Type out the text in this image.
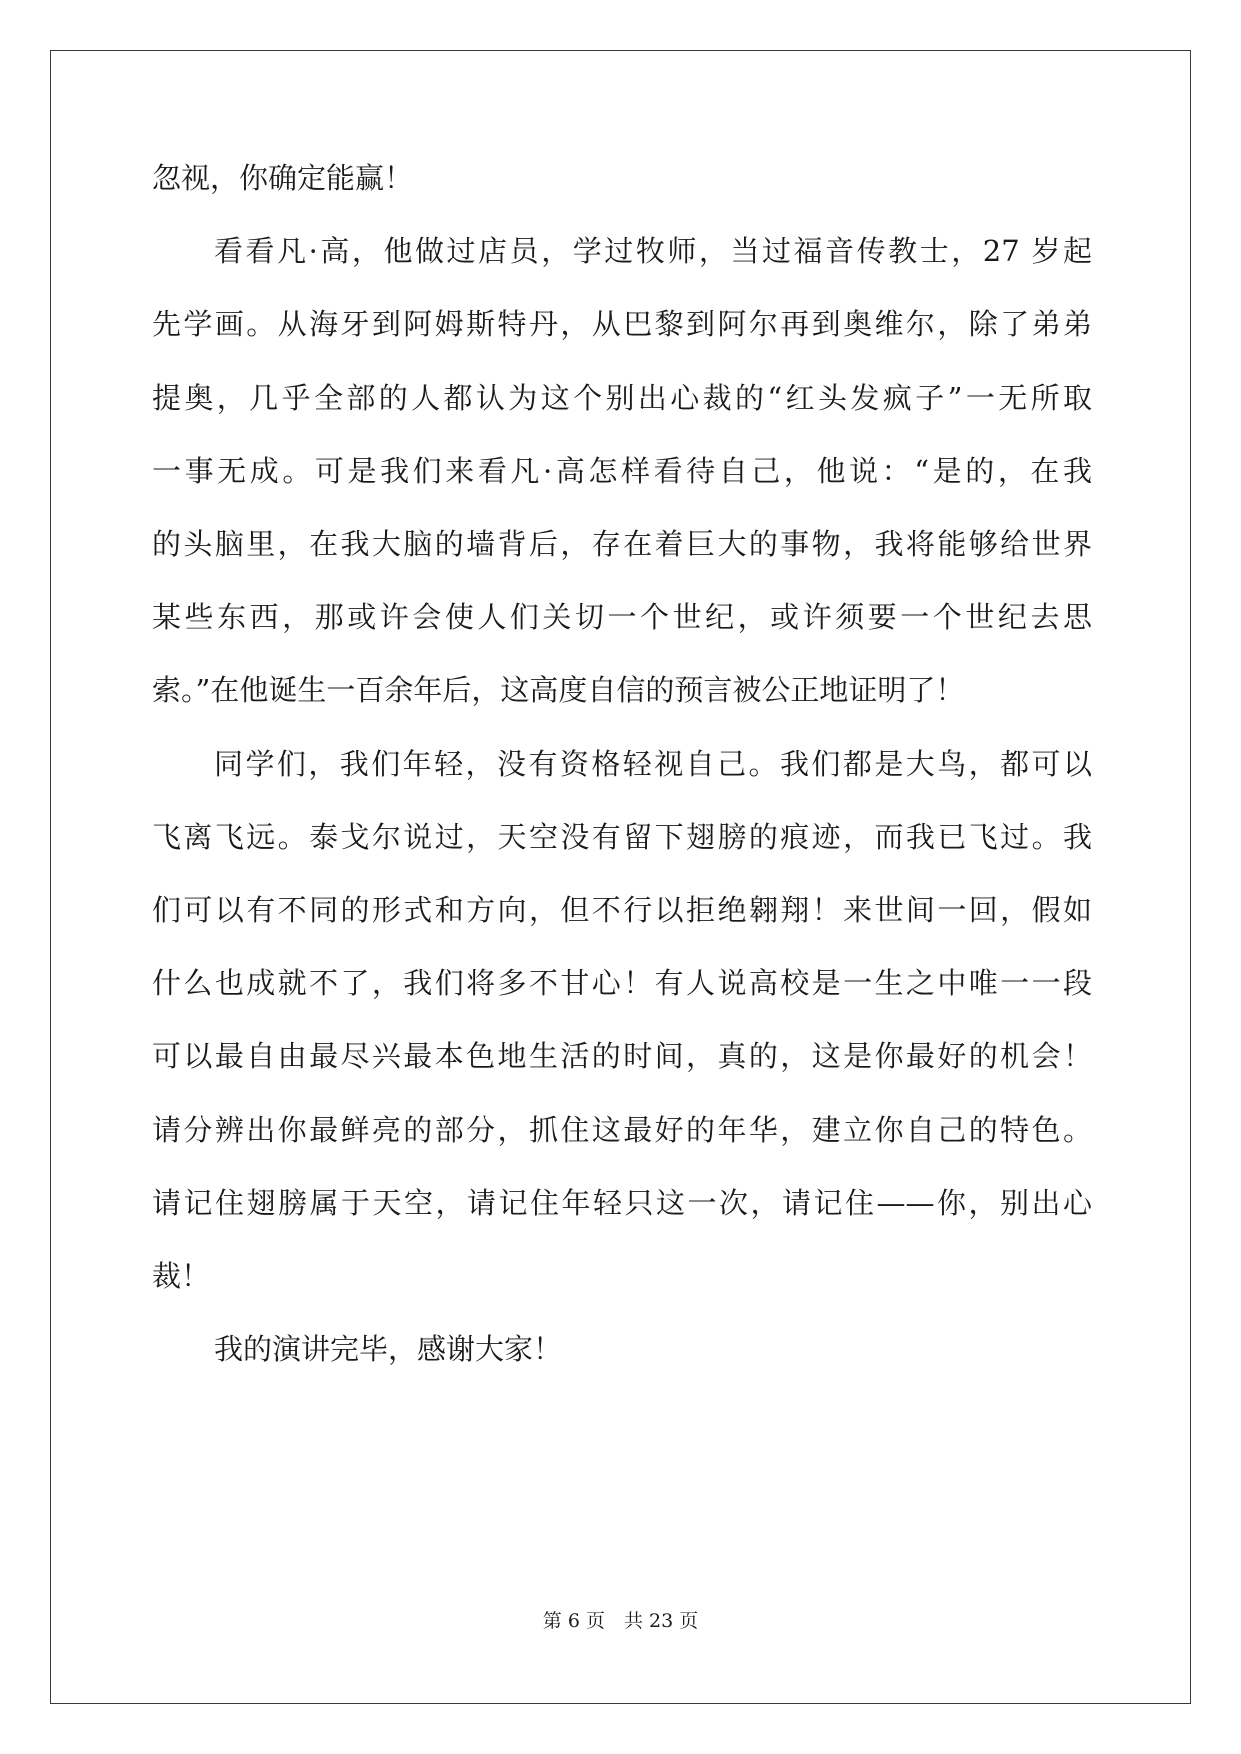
忽视，你确定能赢！
看看凡·高，他做过店员，学过牧师，当过福音传教士，27 岁起
先学画。从海牙到阿姆斯特丹，从巴黎到阿尔再到奥维尔，除了弟弟
提奥，几乎全部的人都认为这个别出心裁的“红头发疯子”一无所取
一事无成。可是我们来看凡·高怎样看待自己，他说：“是的，在我
的头脑里，在我大脑的墙背后，存在着巨大的事物，我将能够给世界
某些东西，那或许会使人们关切一个世纪，或许须要一个世纪去思
索。”在他诞生一百余年后，这高度自信的预言被公正地证明了！
同学们，我们年轻，没有资格轻视自己。我们都是大鸟，都可以
飞离飞远。泰戈尔说过，天空没有留下翅膀的痕迹，而我已飞过。我
们可以有不同的形式和方向，但不行以拒绝翱翔！来世间一回，假如
什么也成就不了，我们将多不甘心！有人说高校是一生之中唯一一段
可以最自由最尽兴最本色地生活的时间，真的，这是你最好的机会！
请分辨出你最鲜亮的部分，抓住这最好的年华，建立你自己的特色。
请记住翅膀属于天空，请记住年轻只这一次，请记住——你，别出心
裁！
我的演讲完毕，感谢大家！
第 6 页　共 23 页
